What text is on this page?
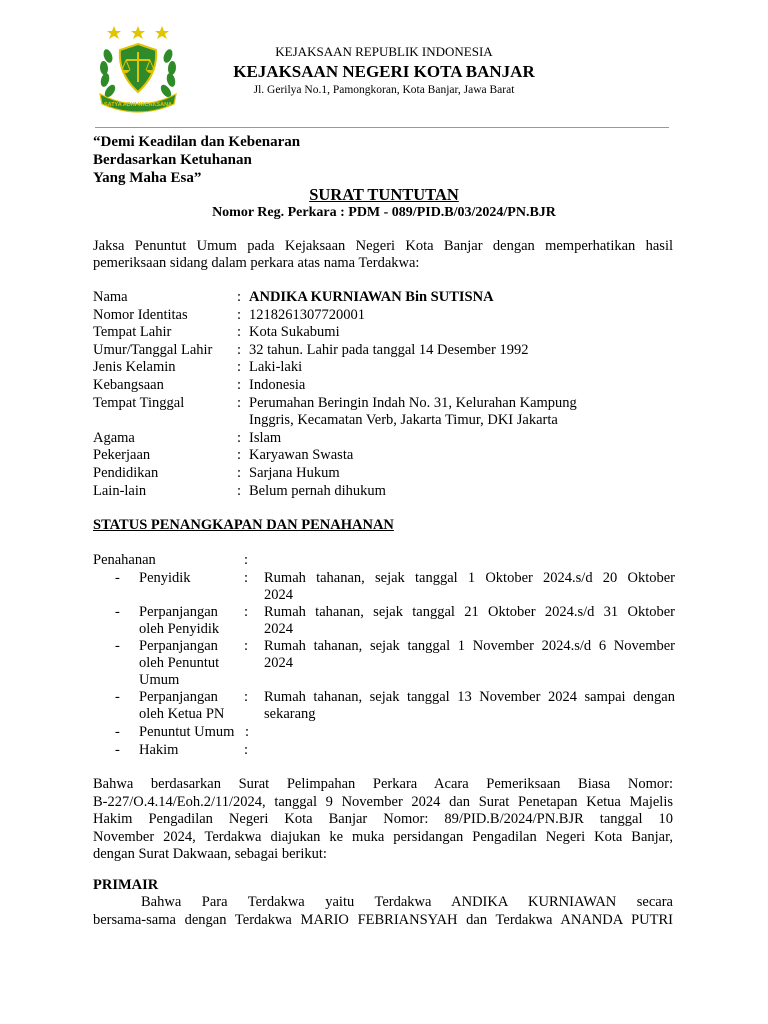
SATYA ADHI WICAKSANA
KEJAKSAAN REPUBLIK INDONESIA
KEJAKSAAN NEGERI KOTA BANJAR
Jl. Gerilya No.1, Pamongkoran, Kota Banjar, Jawa Barat
“Demi Keadilan dan Kebenaran
Berdasarkan Ketuhanan
Yang Maha Esa”
SURAT TUNTUTAN
Nomor Reg. Perkara : PDM - 089/PID.B/03/2024/PN.BJR
Jaksa Penuntut Umum pada Kejaksaan Negeri Kota Banjar dengan memperhatikan hasil
pemeriksaan sidang dalam perkara atas nama Terdakwa:
Nama	: ANDIKA KURNIAWAN Bin SUTISNA
Nomor Identitas	: 1218261307720001
Tempat Lahir	: Kota Sukabumi
Umur/Tanggal Lahir : 32 tahun. Lahir pada tanggal 14 Desember 1992
Jenis Kelamin	: Laki-laki
Kebangsaan	: Indonesia
Tempat Tinggal	: Perumahan Beringin Indah No. 31, Kelurahan Kampung
Inggris, Kecamatan Verb, Jakarta Timur, DKI Jakarta
Agama	: Islam
Pekerjaan	: Karyawan Swasta
Pendidikan	: Sarjana Hukum
Lain-lain	: Belum pernah dihukum
STATUS PENANGKAPAN DAN PENAHANAN
Penahanan	:
- Penyidik	: Rumah tahanan, sejak tanggal 1 Oktober 2024.s/d 20 Oktober
2024
- Perpanjangan
oleh Penyidik
: Rumah tahanan, sejak tanggal 21 Oktober 2024.s/d 31 Oktober
2024
- Perpanjangan
oleh Penuntut
Umum
: Rumah tahanan, sejak tanggal 1 November 2024.s/d 6 November
2024
- Perpanjangan
oleh Ketua PN
: Rumah tahanan, sejak tanggal 13 November 2024 sampai dengan
sekarang
- Penuntut Umum :
- Hakim	:
Bahwa berdasarkan Surat Pelimpahan Perkara Acara Pemeriksaan Biasa Nomor:
B-227/O.4.14/Eoh.2/11/2024, tanggal 9 November 2024 dan Surat Penetapan Ketua Majelis
Hakim Pengadilan Negeri Kota Banjar Nomor: 89/PID.B/2024/PN.BJR tanggal 10
November 2024, Terdakwa diajukan ke muka persidangan Pengadilan Negeri Kota Banjar,
dengan Surat Dakwaan, sebagai berikut:
PRIMAIR
Bahwa Para Terdakwa yaitu Terdakwa ANDIKA KURNIAWAN secara
bersama-sama dengan Terdakwa MARIO FEBRIANSYAH dan Terdakwa ANANDA PUTRI
